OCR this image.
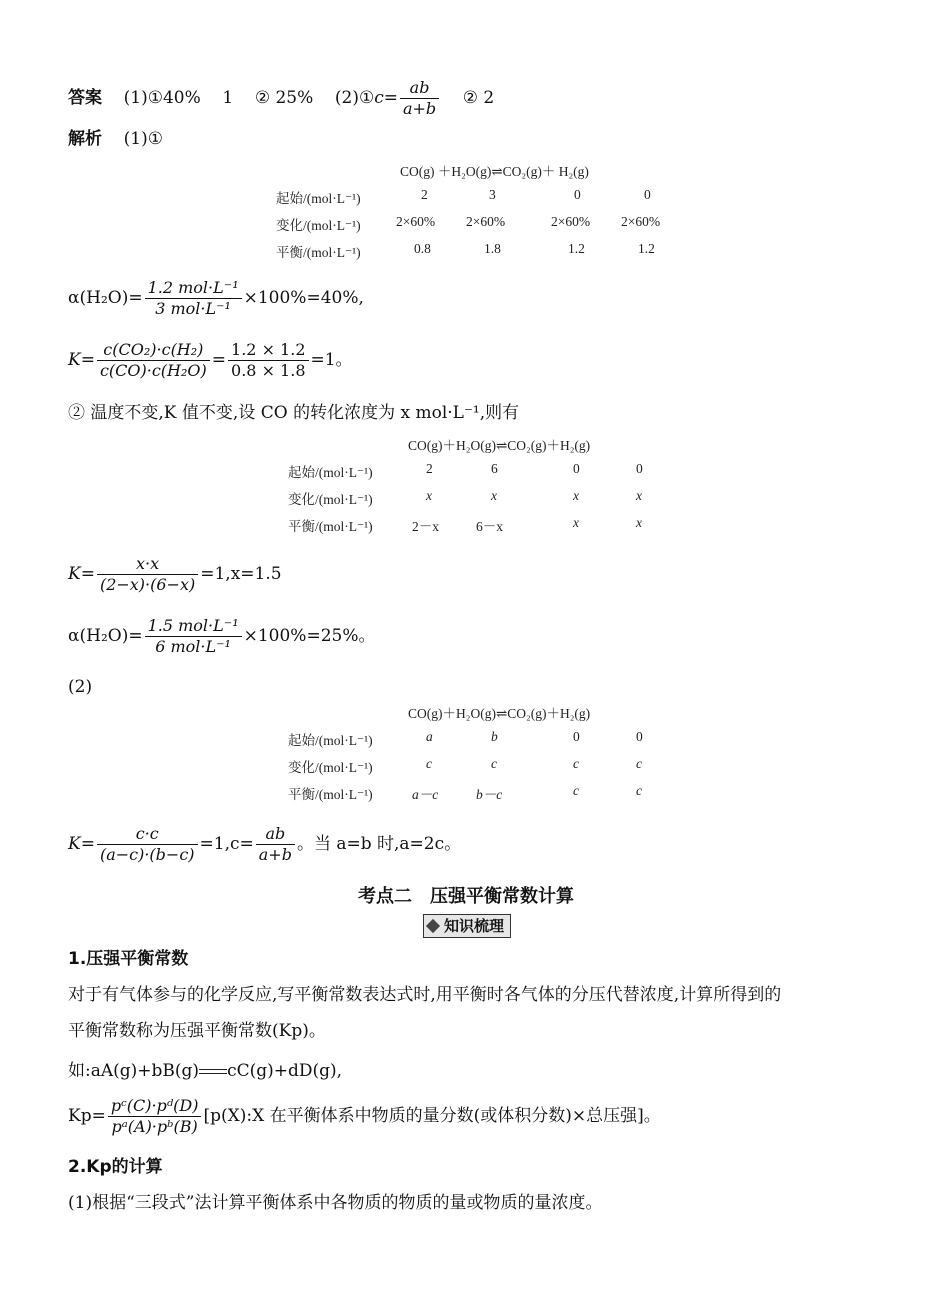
答案 (1)①40% 1 ② 25% (2)①c= $\frac{ab}{a+b}$ ② 2
解析 (1)①
CO(g) ＋H₂O(g)⇌CO₂(g)＋ H₂(g)
起始/(mol·L⁻¹)	2	3	0	0
变化/(mol·L⁻¹)	2×60% 2×60%	2×60% 2×60%
平衡/(mol·L⁻¹)	0.8	1.8	1.2	1.2
$\alpha(H_2O)= \frac{\text{1.2 mol·L⁻¹}}{\text{3 mol·L⁻¹}} \times 100\%=40\%$,
$K= \frac{\text{c(CO₂)·c(H₂)}}{\text{c(CO)·c(H₂O)}} = \frac{1.2 \times 1.2}{0.8 \times 1.8} =1$。
② 温度不变,K 值不变,设 CO 的转化浓度为 x mol·L⁻¹,则有
CO(g)＋H₂O(g)⇌CO₂(g)＋H₂(g)
起始/(mol·L⁻¹)	2	6	0	0
变化/(mol·L⁻¹)	x	x	x	x
平衡/(mol·L⁻¹)	2－x	6－x	x	x
$K= \frac{x\cdot x}{(2-x)\cdot(6-x)} =1,x=1.5$
$\alpha(H_2O)= \frac{\text{1.5 mol·L⁻¹}}{\text{6 mol·L⁻¹}} \times 100\%=25\%$。
(2)
CO(g)＋H₂O(g)⇌CO₂(g)＋H₂(g)
起始/(mol·L⁻¹)	a	b	0	0
变化/(mol·L⁻¹)	c	c	c	c
平衡/(mol·L⁻¹)	a－c	b－c	c	c
$K= \frac{c\cdot c}{(a-c)\cdot(b-c)} =1,c= \frac{ab}{a+b}$ 。当 a=b 时,a=2c。
考点二　压强平衡常数计算
知识梳理
1.压强平衡常数
对于有气体参与的化学反应,写平衡常数表达式时,用平衡时各气体的分压代替浓度,计算所得到的
平衡常数称为压强平衡常数(Kp)。
如:aA(g)+bB(g) cC(g)+dD(g),
$Kp= \frac{\text{pᶜ(C)·pᵈ(D)}}{\text{pᵃ(A)·pᵇ(B)}}$ [p(X):X 在平衡体系中物质的量分数(或体积分数)×总压强]。
2.Kp的计算
(1)根据“三段式”法计算平衡体系中各物质的物质的量或物质的量浓度。
